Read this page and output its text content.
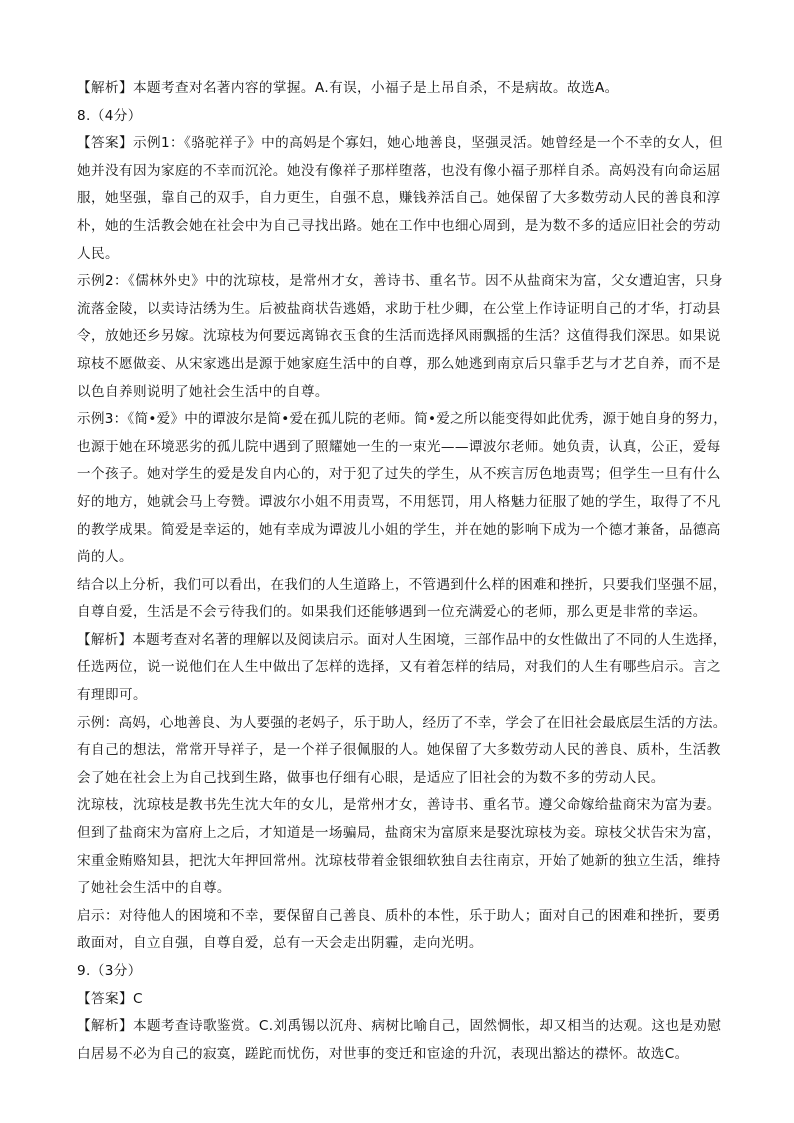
【解析】本题考查对名著内容的掌握。A.有误，小福子是上吊自杀，不是病故。故选A。

8.（4分）

【答案】示例1：《骆驼祥子》中的高妈是个寡妇，她心地善良，坚强灵活。她曾经是一个不幸的女人，但
她并没有因为家庭的不幸而沉沦。她没有像祥子那样堕落，也没有像小福子那样自杀。高妈没有向命运屈
服，她坚强，靠自己的双手，自力更生，自强不息，赚钱养活自己。她保留了大多数劳动人民的善良和淳
朴，她的生活教会她在社会中为自己寻找出路。她在工作中也细心周到，是为数不多的适应旧社会的劳动
人民。

示例2：《儒林外史》中的沈琼枝，是常州才女，善诗书、重名节。因不从盐商宋为富，父女遭迫害，只身
流落金陵，以卖诗沽绣为生。后被盐商状告逃婚，求助于杜少卿，在公堂上作诗证明自己的才华，打动县
令，放她还乡另嫁。沈琼枝为何要远离锦衣玉食的生活而选择风雨飘摇的生活？这值得我们深思。如果说
琼枝不愿做妾、从宋家逃出是源于她家庭生活中的自尊，那么她逃到南京后只靠手艺与才艺自养，而不是
以色自养则说明了她社会生活中的自尊。

示例3：《简•爱》中的谭波尔是简•爱在孤儿院的老师。简•爱之所以能变得如此优秀，源于她自身的努力，
也源于她在环境恶劣的孤儿院中遇到了照耀她一生的一束光——谭波尔老师。她负责，认真，公正，爱每
一个孩子。她对学生的爱是发自内心的，对于犯了过失的学生，从不疾言厉色地责骂；但学生一旦有什么
好的地方，她就会马上夸赞。谭波尔小姐不用责骂，不用惩罚，用人格魅力征服了她的学生，取得了不凡
的教学成果。简爱是幸运的，她有幸成为谭波儿小姐的学生，并在她的影响下成为一个德才兼备，品德高
尚的人。

结合以上分析，我们可以看出，在我们的人生道路上，不管遇到什么样的困难和挫折，只要我们坚强不屈，
自尊自爱，生活是不会亏待我们的。如果我们还能够遇到一位充满爱心的老师，那么更是非常的幸运。

【解析】本题考查对名著的理解以及阅读启示。面对人生困境，三部作品中的女性做出了不同的人生选择，
任选两位，说一说他们在人生中做出了怎样的选择，又有着怎样的结局，对我们的人生有哪些启示。言之
有理即可。

示例：高妈，心地善良、为人要强的老妈子，乐于助人，经历了不幸，学会了在旧社会最底层生活的方法。
有自己的想法，常常开导祥子，是一个祥子很佩服的人。她保留了大多数劳动人民的善良、质朴，生活教
会了她在社会上为自己找到生路，做事也仔细有心眼，是适应了旧社会的为数不多的劳动人民。

沈琼枝，沈琼枝是教书先生沈大年的女儿，是常州才女，善诗书、重名节。遵父命嫁给盐商宋为富为妻。
但到了盐商宋为富府上之后，才知道是一场骗局，盐商宋为富原来是娶沈琼枝为妾。琼枝父状告宋为富，
宋重金贿赂知县，把沈大年押回常州。沈琼枝带着金银细软独自去往南京，开始了她新的独立生活，维持
了她社会生活中的自尊。

启示：对待他人的困境和不幸，要保留自己善良、质朴的本性，乐于助人；面对自己的困难和挫折，要勇
敢面对，自立自强，自尊自爱，总有一天会走出阴霾，走向光明。

9.（3分）

【答案】C

【解析】本题考查诗歌鉴赏。C.刘禹锡以沉舟、病树比喻自己，固然惆怅，却又相当的达观。这也是劝慰
白居易不必为自己的寂寞，蹉跎而忧伤，对世事的变迁和宦途的升沉，表现出豁达的襟怀。故选C。
